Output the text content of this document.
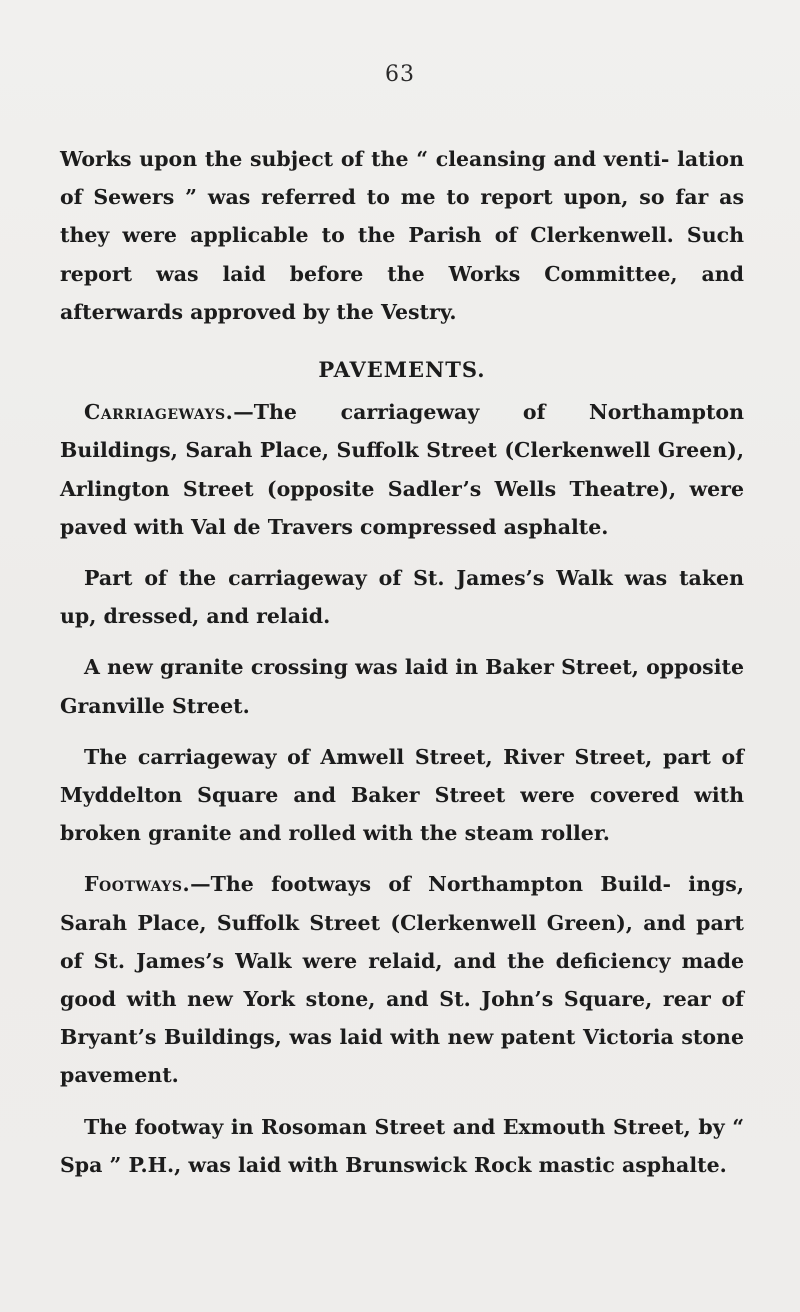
63

Works upon the subject of the “ cleansing and venti- lation of Sewers ” was referred to me to report upon, so far as they were applicable to the Parish of Clerkenwell. Such report was laid before the Works Committee, and afterwards approved by the Vestry.

PAVEMENTS.

Carriageways.—The carriageway of Northampton Buildings, Sarah Place, Suffolk Street (Clerkenwell Green), Arlington Street (opposite Sadler’s Wells Theatre), were paved with Val de Travers compressed asphalte.

Part of the carriageway of St. James’s Walk was taken up, dressed, and relaid.

A new granite crossing was laid in Baker Street, opposite Granville Street.

The carriageway of Amwell Street, River Street, part of Myddelton Square and Baker Street were covered with broken granite and rolled with the steam roller.

Footways.—The footways of Northampton Build- ings, Sarah Place, Suffolk Street (Clerkenwell Green), and part of St. James’s Walk were relaid, and the deficiency made good with new York stone, and St. John’s Square, rear of Bryant’s Buildings, was laid with new patent Victoria stone pavement.

The footway in Rosoman Street and Exmouth Street, by “ Spa ” P.H., was laid with Brunswick Rock mastic asphalte.
